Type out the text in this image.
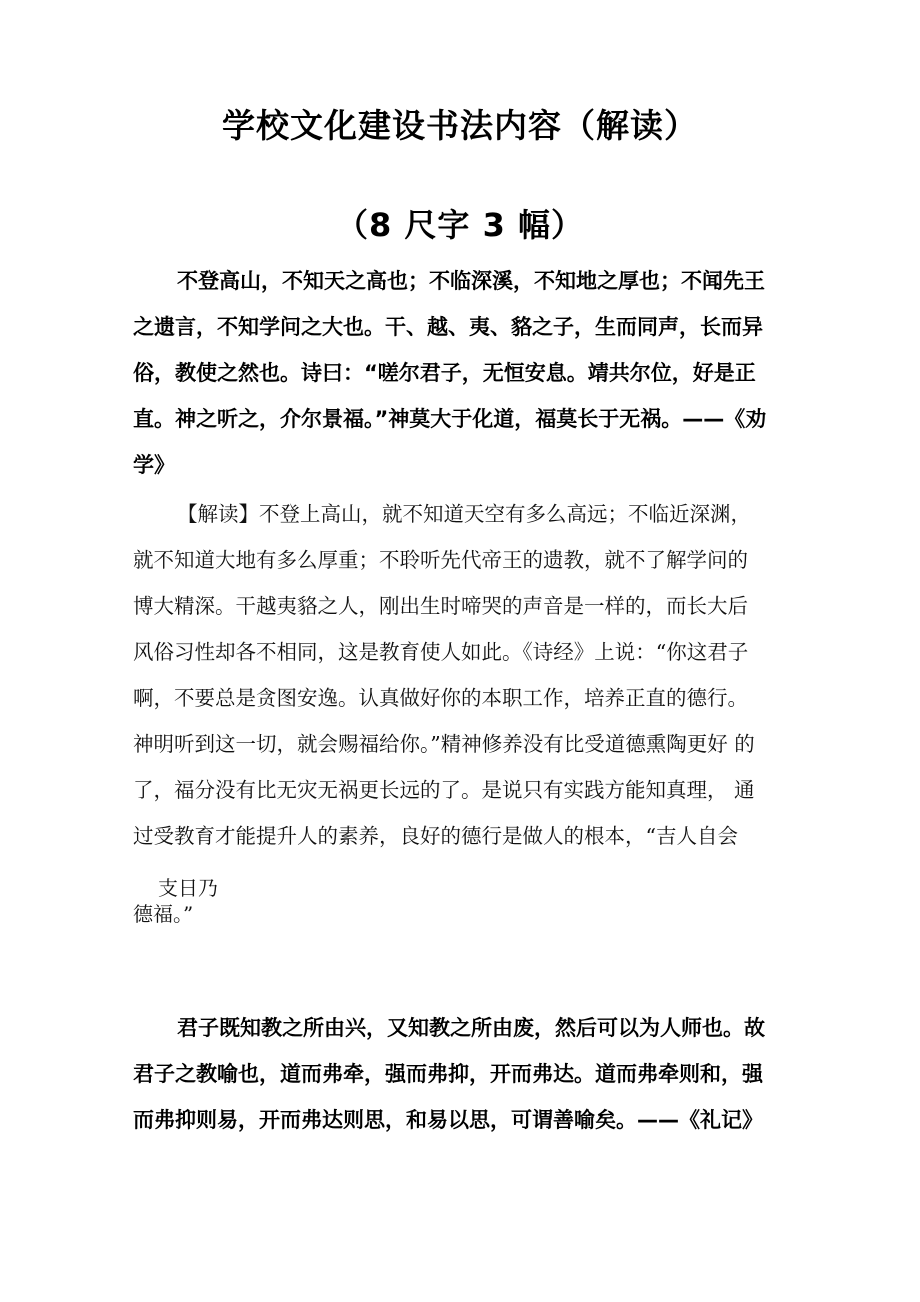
学校文化建设书法内容（解读）
（8 尺字 3 幅）
不登高山，不知天之高也；不临深溪，不知地之厚也；不闻先王
之遗言，不知学问之大也。干、越、夷、貉之子，生而同声，长而异
俗，教使之然也。诗曰：“嗟尔君子，无恒安息。靖共尔位，好是正
直。神之听之，介尔景福。”神莫大于化道，福莫长于无祸。——《劝
学》
【解读】不登上高山，就不知道天空有多么高远；不临近深渊，
就不知道大地有多么厚重；不聆听先代帝王的遗教，就不了解学问的
博大精深。干越夷貉之人，刚出生时啼哭的声音是一样的，而长大后
风俗习性却各不相同，这是教育使人如此。《诗经》上说：“你这君子
啊，不要总是贪图安逸。认真做好你的本职工作，培养正直的德行。
神明听到这一切，就会赐福给你。”精神修养没有比受道德熏陶更好 的
了，福分没有比无灾无祸更长远的了。是说只有实践方能知真理， 通
过受教育才能提升人的素养，良好的德行是做人的根本，“吉人自会
支日乃
德福。”
君子既知教之所由兴，又知教之所由废，然后可以为人师也。故
君子之教喻也，道而弗牵，强而弗抑，开而弗达。道而弗牵则和，强
而弗抑则易，开而弗达则思，和易以思，可谓善喻矣。——《礼记》
